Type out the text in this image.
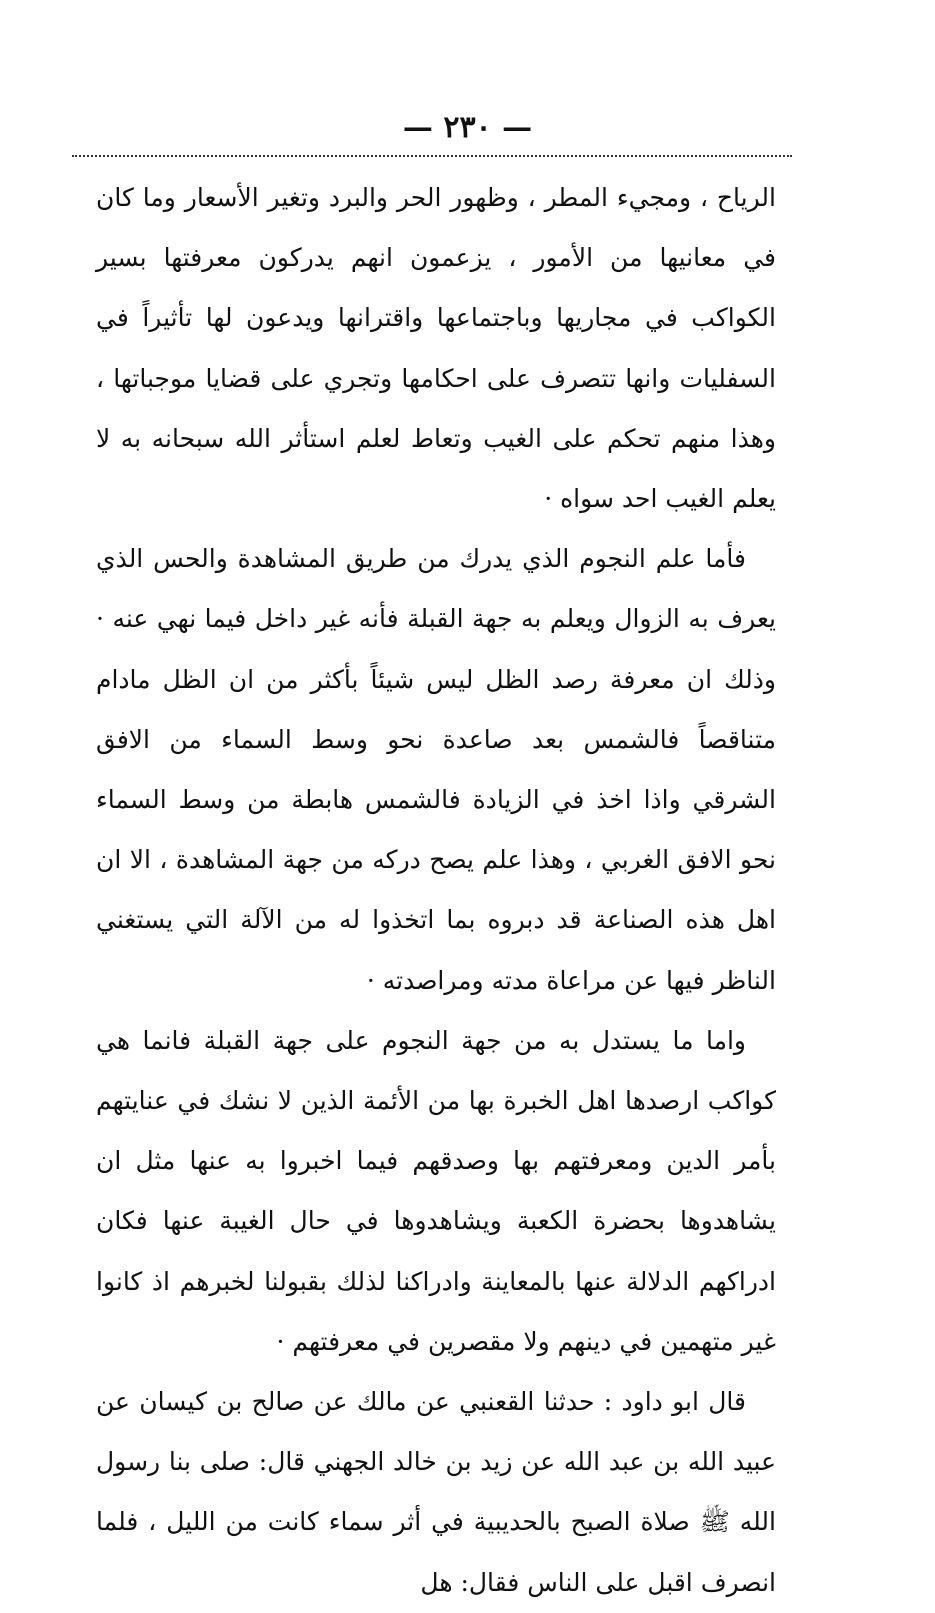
— ٢٣٠ —

الرياح ، ومجيء المطر ، وظهور الحر والبرد وتغير الأسعار وما كان في معانيها من الأمور ، يزعمون انهم يدركون معرفتها بسير الكواكب في مجاريها وباجتماعها واقترانها ويدعون لها تأثيراً في السفليات وانها تتصرف على احكامها وتجري على قضايا موجباتها ، وهذا منهم تحكم على الغيب وتعاط لعلم استأثر الله سبحانه به لا يعلم الغيب احد سواه ·

فأما علم النجوم الذي يدرك من طريق المشاهدة والحس الذي يعرف به الزوال ويعلم به جهة القبلة فأنه غير داخل فيما نهي عنه · وذلك ان معرفة رصد الظل ليس شيئاً بأكثر من ان الظل مادام متناقصاً فالشمس بعد صاعدة نحو وسط السماء من الافق الشرقي واذا اخذ في الزيادة فالشمس هابطة من وسط السماء نحو الافق الغربي ، وهذا علم يصح دركه من جهة المشاهدة ، الا ان اهل هذه الصناعة قد دبروه بما اتخذوا له من الآلة التي يستغني الناظر فيها عن مراعاة مدته ومراصدته ·

واما ما يستدل به من جهة النجوم على جهة القبلة فانما هي كواكب ارصدها اهل الخبرة بها من الأئمة الذين لا نشك في عنايتهم بأمر الدين ومعرفتهم بها وصدقهم فيما اخبروا به عنها مثل ان يشاهدوها بحضرة الكعبة ويشاهدوها في حال الغيبة عنها فكان ادراكهم الدلالة عنها بالمعاينة وادراكنا لذلك بقبولنا لخبرهم اذ كانوا غير متهمين في دينهم ولا مقصرين في معرفتهم ·

قال ابو داود : حدثنا القعنبي عن مالك عن صالح بن كيسان عن عبيد الله بن عبد الله عن زيد بن خالد الجهني قال: صلى بنا رسول الله ﷺ صلاة الصبح بالحديبية في أثر سماء كانت من الليل ، فلما انصرف اقبل على الناس فقال: هل
